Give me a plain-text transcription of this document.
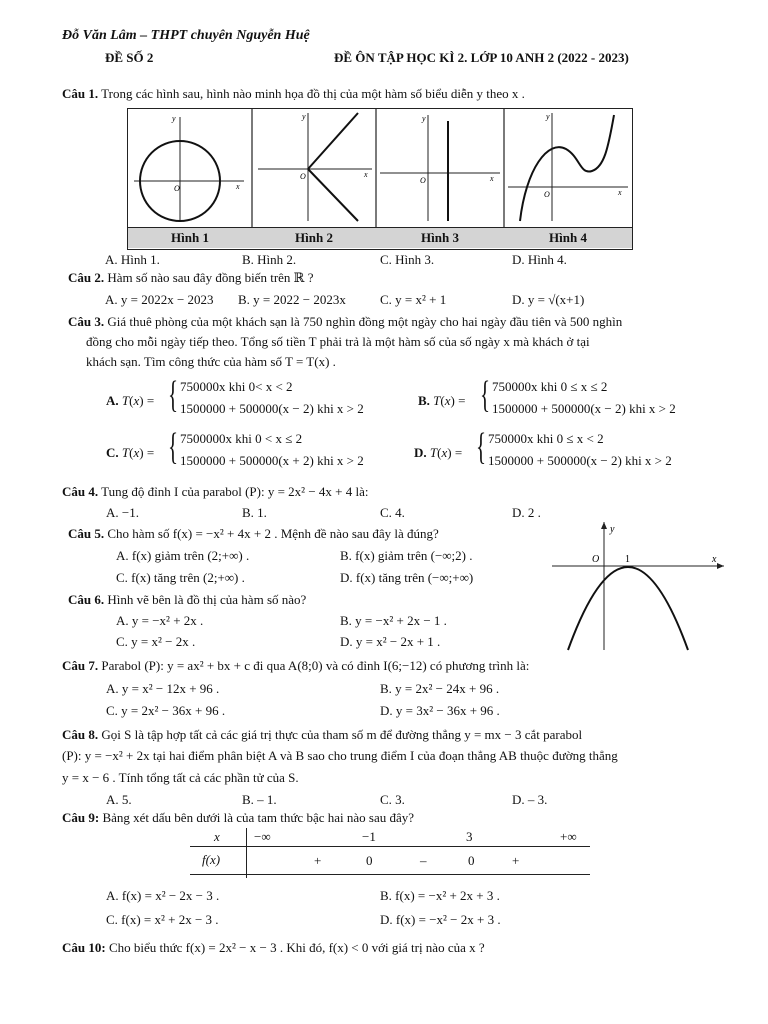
Đỗ Văn Lâm – THPT chuyên Nguyễn Huệ
ĐỀ SỐ 2	ĐỀ ÔN TẬP HỌC KÌ 2. LỚP 10 ANH 2 (2022 - 2023)
Câu 1. Trong các hình sau, hình nào minh họa đồ thị của một hàm số biểu diễn y theo x .
y
O	x
y
O	x
y
O	x
y
O	x
Hình 1	Hình 2	Hình 3	Hình 4
A. Hình 1.	B. Hình 2.	C. Hình 3.	D. Hình 4.
Câu 2. Hàm số nào sau đây đồng biến trên ℝ ?
A. y = 2022x − 2023 B. y = 2022 − 2023x	C. y = x² + 1	D. y = √(x+1)
Câu 3. Giá thuê phòng của một khách sạn là 750 nghìn đồng một ngày cho hai ngày đầu tiên và 500 nghìn
đồng cho mỗi ngày tiếp theo. Tổng số tiền T phải trả là một hàm số của số ngày x mà khách ở tại
khách sạn. Tìm công thức của hàm số T = T(x) .
A. T(x) = { 750000x khi 0< x < 2
1500000 + 500000(x − 2) khi x > 2
B. T(x) = { 750000x khi 0 ≤ x ≤ 2
1500000 + 500000(x − 2) khi x > 2
C. T(x) = { 7500000x khi 0 < x ≤ 2
1500000 + 500000(x + 2) khi x > 2
D. T(x) = { 750000x khi 0 ≤ x < 2
1500000 + 500000(x − 2) khi x > 2
Câu 4. Tung độ đỉnh I của parabol (P): y = 2x² − 4x + 4 là:
A. −1.	B. 1.	C. 4.	D. 2 .
Câu 5. Cho hàm số f(x) = −x² + 4x + 2 . Mệnh đề nào sau đây là đúng?
A. f(x) giảm trên (2;+∞) .	B. f(x) giảm trên (−∞;2) .
C. f(x) tăng trên (2;+∞) .	D. f(x) tăng trên (−∞;+∞)
y
O	1	x
Câu 6. Hình vẽ bên là đồ thị của hàm số nào?
A. y = −x² + 2x .	B. y = −x² + 2x − 1 .
C. y = x² − 2x .	D. y = x² − 2x + 1 .
Câu 7. Parabol (P): y = ax² + bx + c đi qua A(8;0) và có đỉnh I(6;−12) có phương trình là:
A. y = x² − 12x + 96 .	B. y = 2x² − 24x + 96 .
C. y = 2x² − 36x + 96 .	D. y = 3x² − 36x + 96 .
Câu 8. Gọi S là tập hợp tất cả các giá trị thực của tham số m để đường thẳng y = mx − 3 cắt parabol
(P): y = −x² + 2x tại hai điểm phân biệt A và B sao cho trung điểm I của đoạn thẳng AB thuộc đường thẳng
y = x − 6 . Tính tổng tất cả các phần tử của S.
A. 5.	B. – 1.	C. 3.	D. – 3.
Câu 9: Bảng xét dấu bên dưới là của tam thức bậc hai nào sau đây?
x	−∞	−1	3	+∞
f(x)	+	0	–	0	+
A. f(x) = x² − 2x − 3 .	B. f(x) = −x² + 2x + 3 .
C. f(x) = x² + 2x − 3 .	D. f(x) = −x² − 2x + 3 .
Câu 10: Cho biểu thức f(x) = 2x² − x − 3 . Khi đó, f(x) < 0 với giá trị nào của x ?
